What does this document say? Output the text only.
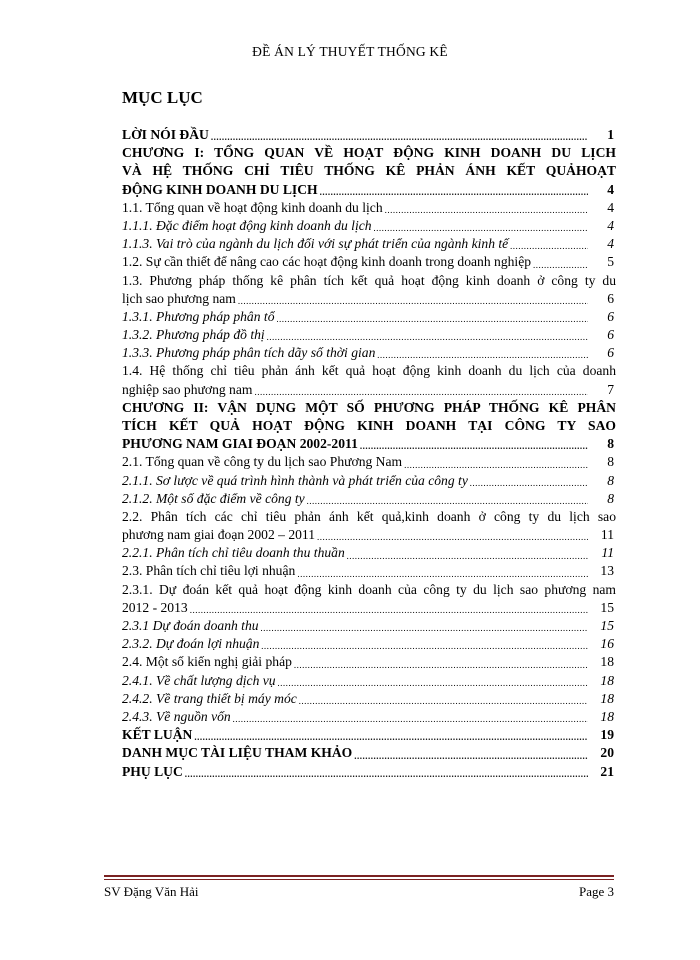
ĐỀ ÁN LÝ THUYẾT THỐNG KÊ
MỤC LỤC
LỜI NÓI ĐẦU .....	1
CHƯƠNG I: TỔNG QUAN VỀ HOẠT ĐỘNG KINH DOANH DU LỊCH
VÀ HỆ THỐNG CHỈ TIÊU THỐNG KÊ PHẢN ÁNH KẾT QUẢHOẠT
ĐỘNG KINH DOANH DU LỊCH .....	4
1.1. Tổng quan về hoạt động kinh doanh du lịch .....	4
1.1.1. Đặc điểm hoạt động kinh doanh du lịch .....	4
1.1.3. Vai trò của ngành du lịch đối với sự phát triển của ngành kinh tế .....	4
1.2. Sự cần thiết để nâng cao các hoạt động kinh doanh trong doanh nghiệp .....	5
1.3. Phương pháp thống kê phân tích kết quả hoạt động kinh doanh ở công ty du
lịch sao phương nam .....	6
1.3.1. Phương pháp phân tổ .....	6
1.3.2. Phương pháp đồ thị .....	6
1.3.3. Phương pháp phân tích dãy số thời gian .....	6
1.4. Hệ thống chỉ tiêu phản ánh kết quả hoạt động kinh doanh du lịch của doanh
nghiệp sao phương nam .....	7
CHƯƠNG II: VẬN DỤNG MỘT SỐ PHƯƠNG PHÁP THỐNG KÊ PHÂN
TÍCH KẾT QUẢ HOẠT ĐỘNG KINH DOANH TẠI CÔNG TY SAO
PHƯƠNG NAM GIAI ĐOẠN 2002-2011 .....	8
2.1. Tổng quan về công ty du lịch sao Phương Nam .....	8
2.1.1. Sơ lược về quá trình hình thành và phát triển của công ty .....	8
2.1.2. Một số đặc điểm về công ty .....	8
2.2. Phân tích các chỉ tiêu phản ánh kết quả,kinh doanh ở công ty du lịch sao
phương nam giai đoạn 2002 – 2011 .....	11
2.2.1. Phân tích chỉ tiêu doanh thu thuần .....	11
2.3. Phân tích chỉ tiêu lợi nhuận .....	13
2.3.1. Dự đoán kết quả hoạt động kinh doanh của công ty du lịch sao phương nam
2012 - 2013 .....	15
2.3.1 Dự đoán doanh thu .....	15
2.3.2. Dự đoán lợi nhuận .....	16
2.4. Một số kiến nghị giải pháp .....	18
2.4.1. Về chất lượng dịch vụ .....	18
2.4.2. Về trang thiết bị máy móc .....	18
2.4.3. Về nguồn vốn .....	18
KẾT LUẬN .....	19
DANH MỤC TÀI LIỆU THAM KHẢO .....	20
PHỤ LỤC .....	21
SV Đặng Văn Hải	Page 3
